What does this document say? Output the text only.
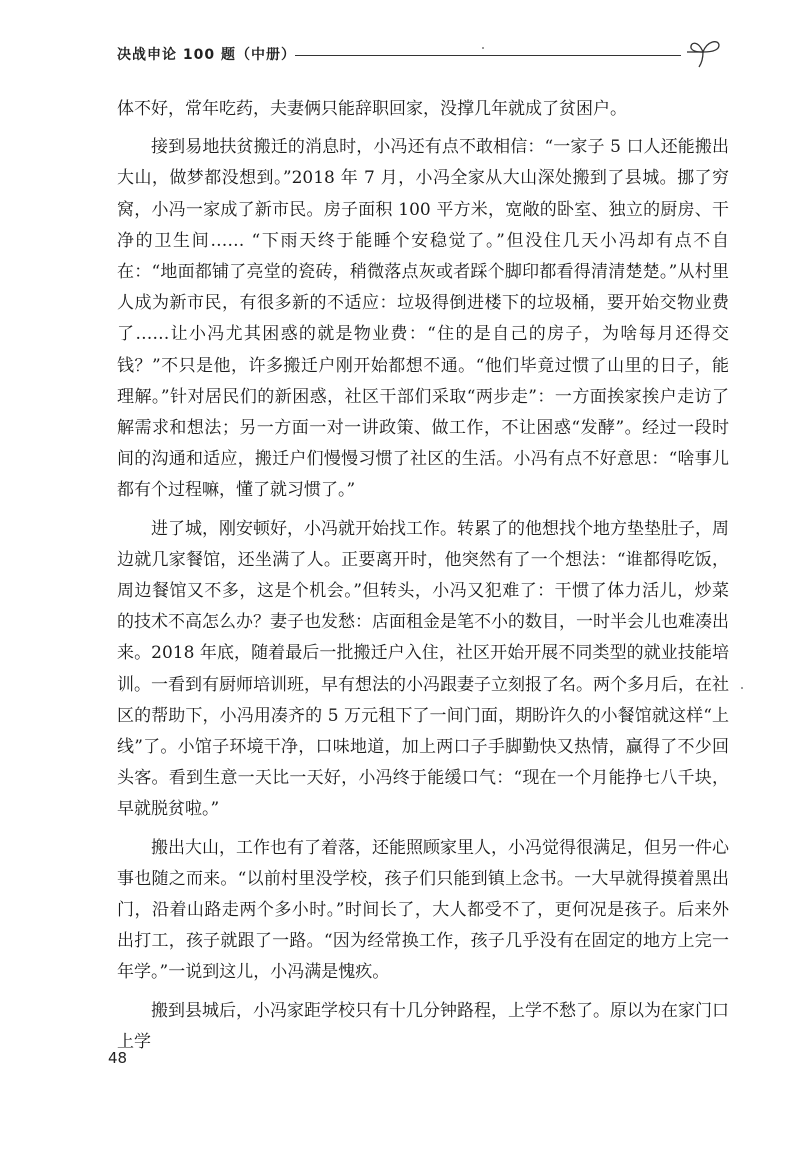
决战申论 100 题（中册）

体不好，常年吃药，夫妻俩只能辞职回家，没撑几年就成了贫困户。

接到易地扶贫搬迁的消息时，小冯还有点不敢相信：“一家子 5 口人还能搬出大山，做梦都没想到。”2018 年 7 月，小冯全家从大山深处搬到了县城。挪了穷窝，小冯一家成了新市民。房子面积 100 平方米，宽敞的卧室、独立的厨房、干净的卫生间…… “下雨天终于能睡个安稳觉了。”但没住几天小冯却有点不自在：“地面都铺了亮堂的瓷砖，稍微落点灰或者踩个脚印都看得清清楚楚。”从村里人成为新市民，有很多新的不适应：垃圾得倒进楼下的垃圾桶，要开始交物业费了……让小冯尤其困惑的就是物业费：“住的是自己的房子，为啥每月还得交钱？”不只是他，许多搬迁户刚开始都想不通。“他们毕竟过惯了山里的日子，能理解。”针对居民们的新困惑，社区干部们采取“两步走”：一方面挨家挨户走访了解需求和想法；另一方面一对一讲政策、做工作，不让困惑“发酵”。经过一段时间的沟通和适应，搬迁户们慢慢习惯了社区的生活。小冯有点不好意思：“啥事儿都有个过程嘛，懂了就习惯了。”

进了城，刚安顿好，小冯就开始找工作。转累了的他想找个地方垫垫肚子，周边就几家餐馆，还坐满了人。正要离开时，他突然有了一个想法：“谁都得吃饭，周边餐馆又不多，这是个机会。”但转头，小冯又犯难了：干惯了体力活儿，炒菜的技术不高怎么办？妻子也发愁：店面租金是笔不小的数目，一时半会儿也难凑出来。2018 年底，随着最后一批搬迁户入住，社区开始开展不同类型的就业技能培训。一看到有厨师培训班，早有想法的小冯跟妻子立刻报了名。两个多月后，在社区的帮助下，小冯用凑齐的 5 万元租下了一间门面，期盼许久的小餐馆就这样“上线”了。小馆子环境干净，口味地道，加上两口子手脚勤快又热情，赢得了不少回头客。看到生意一天比一天好，小冯终于能缓口气：“现在一个月能挣七八千块，早就脱贫啦。”

搬出大山，工作也有了着落，还能照顾家里人，小冯觉得很满足，但另一件心事也随之而来。“以前村里没学校，孩子们只能到镇上念书。一大早就得摸着黑出门，沿着山路走两个多小时。”时间长了，大人都受不了，更何况是孩子。后来外出打工，孩子就跟了一路。“因为经常换工作，孩子几乎没有在固定的地方上完一年学。”一说到这儿，小冯满是愧疚。

搬到县城后，小冯家距学校只有十几分钟路程，上学不愁了。原以为在家门口上学

48
